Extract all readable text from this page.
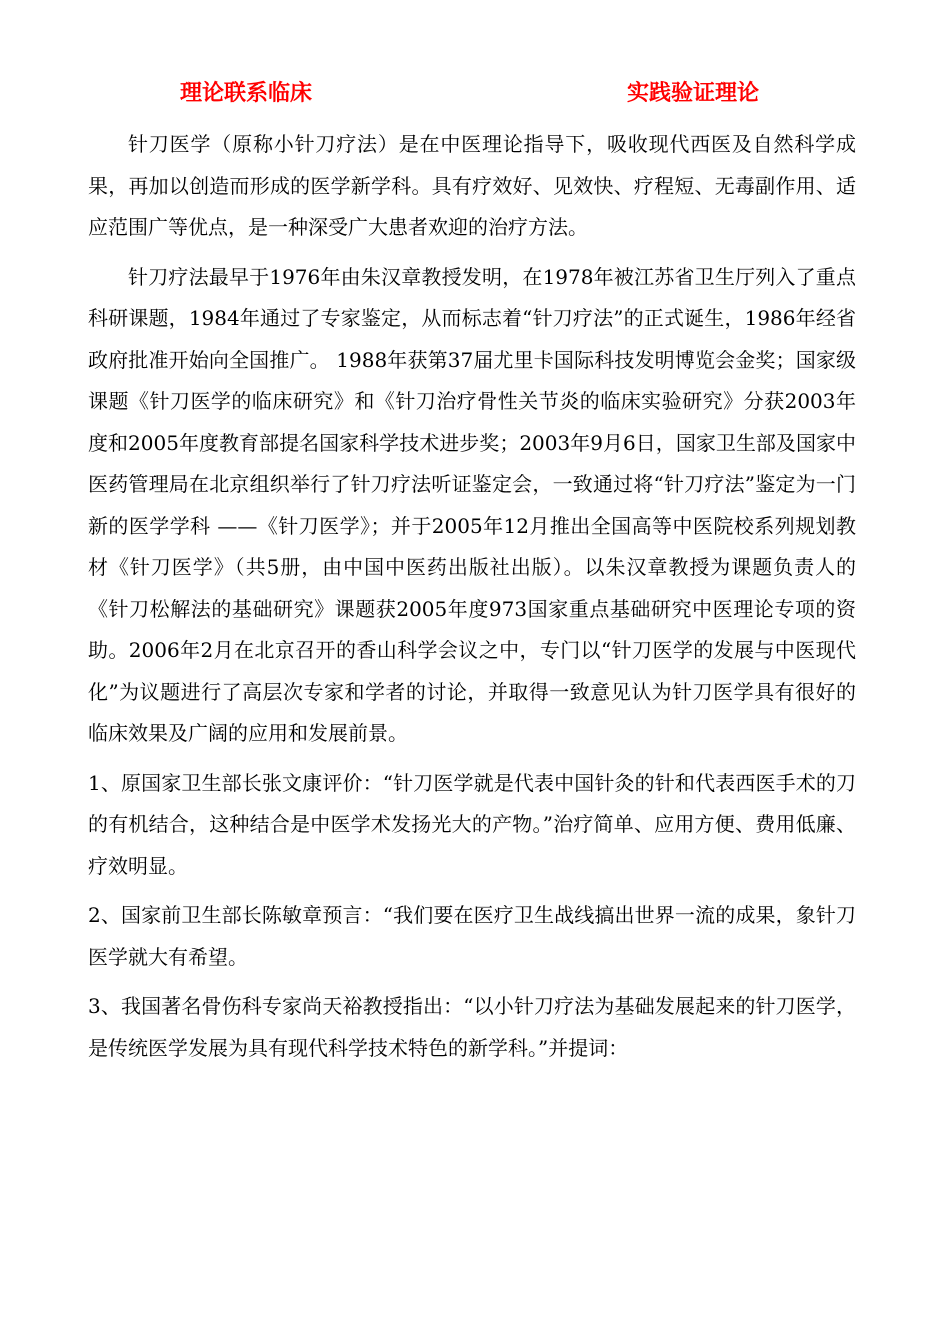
理论联系临床	实践验证理论

针刀医学（原称小针刀疗法）是在中医理论指导下，吸收现代西医及自然科学成果，再加以创造而形成的医学新学科。具有疗效好、见效快、疗程短、无毒副作用、适应范围广等优点，是一种深受广大患者欢迎的治疗方法。

针刀疗法最早于1976年由朱汉章教授发明，在1978年被江苏省卫生厅列入了重点科研课题，1984年通过了专家鉴定，从而标志着“针刀疗法”的正式诞生，1986年经省政府批准开始向全国推广。 1988年获第37届尤里卡国际科技发明博览会金奖；国家级课题《针刀医学的临床研究》和《针刀治疗骨性关节炎的临床实验研究》分获2003年度和2005年度教育部提名国家科学技术进步奖；2003年9月6日，国家卫生部及国家中医药管理局在北京组织举行了针刀疗法听证鉴定会，一致通过将“针刀疗法”鉴定为一门新的医学学科 ——《针刀医学》；并于2005年12月推出全国高等中医院校系列规划教材《针刀医学》（共5册，由中国中医药出版社出版）。以朱汉章教授为课题负责人的《针刀松解法的基础研究》课题获2005年度973国家重点基础研究中医理论专项的资助。2006年2月在北京召开的香山科学会议之中，专门以“针刀医学的发展与中医现代化”为议题进行了高层次专家和学者的讨论，并取得一致意见认为针刀医学具有很好的临床效果及广阔的应用和发展前景。

1、原国家卫生部长张文康评价：“针刀医学就是代表中国针灸的针和代表西医手术的刀的有机结合，这种结合是中医学术发扬光大的产物。”治疗简单、应用方便、费用低廉、疗效明显。

2、国家前卫生部长陈敏章预言：“我们要在医疗卫生战线搞出世界一流的成果，象针刀医学就大有希望。

3、我国著名骨伤科专家尚天裕教授指出：“以小针刀疗法为基础发展起来的针刀医学，是传统医学发展为具有现代科学技术特色的新学科。”并提词：
